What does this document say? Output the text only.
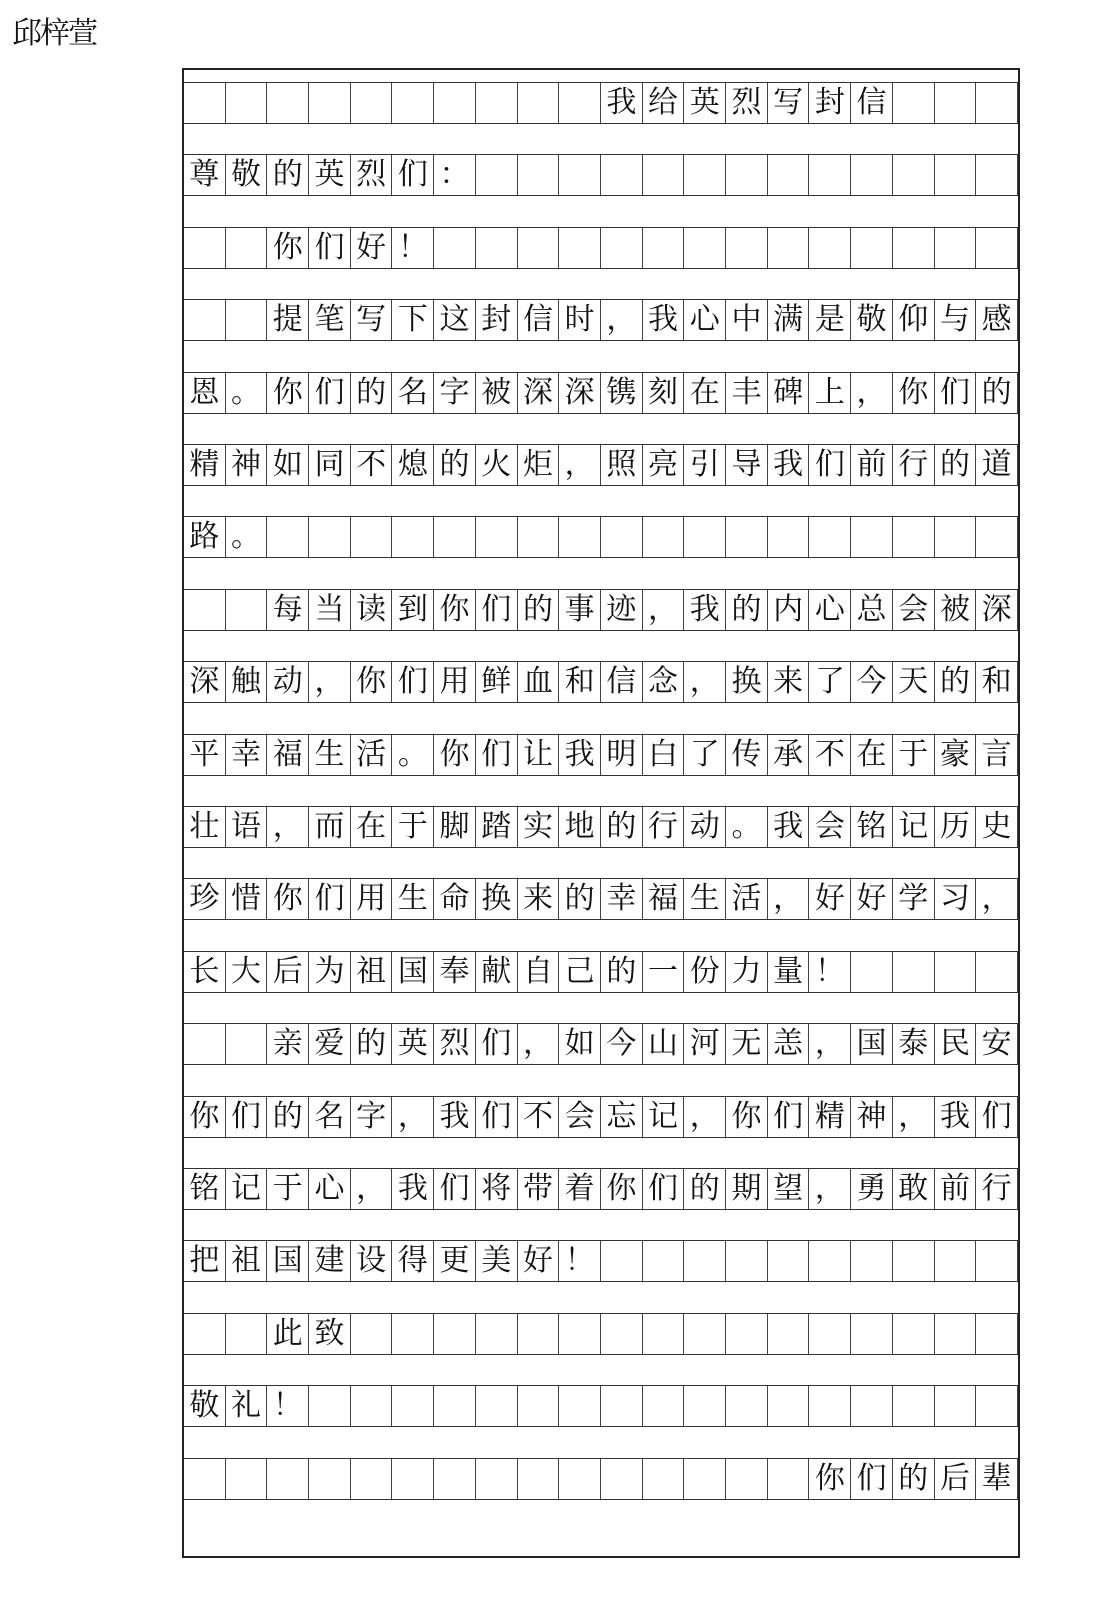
邱梓萱
我 给 英 烈 写 封 信
尊 敬 的 英 烈 们 ：
你 们 好 ！
提 笔 写 下 这 封 信 时 ， 我 心 中 满 是 敬 仰 与 感
恩 。 你 们 的 名 字 被 深 深 镌 刻 在 丰 碑 上 ， 你 们 的
精 神 如 同 不 熄 的 火 炬 ， 照 亮 引 导 我 们 前 行 的 道
路 。
每 当 读 到 你 们 的 事 迹 ， 我 的 内 心 总 会 被 深
深 触 动 ， 你 们 用 鲜 血 和 信 念 ， 换 来 了 今 天 的 和
平 幸 福 生 活 。 你 们 让 我 明 白 了 传 承 不 在 于 豪 言
壮 语 ， 而 在 于 脚 踏 实 地 的 行 动 。 我 会 铭 记 历 史
珍 惜 你 们 用 生 命 换 来 的 幸 福 生 活 ， 好 好 学 习 ，
长 大 后 为 祖 国 奉 献 自 己 的 一 份 力 量 ！
亲 爱 的 英 烈 们 ， 如 今 山 河 无 恙 ， 国 泰 民 安
你 们 的 名 字 ， 我 们 不 会 忘 记 ， 你 们 精 神 ， 我 们
铭 记 于 心 ， 我 们 将 带 着 你 们 的 期 望 ， 勇 敢 前 行
把 祖 国 建 设 得 更 美 好 ！
此 致
敬 礼 ！
你 们 的 后 辈
